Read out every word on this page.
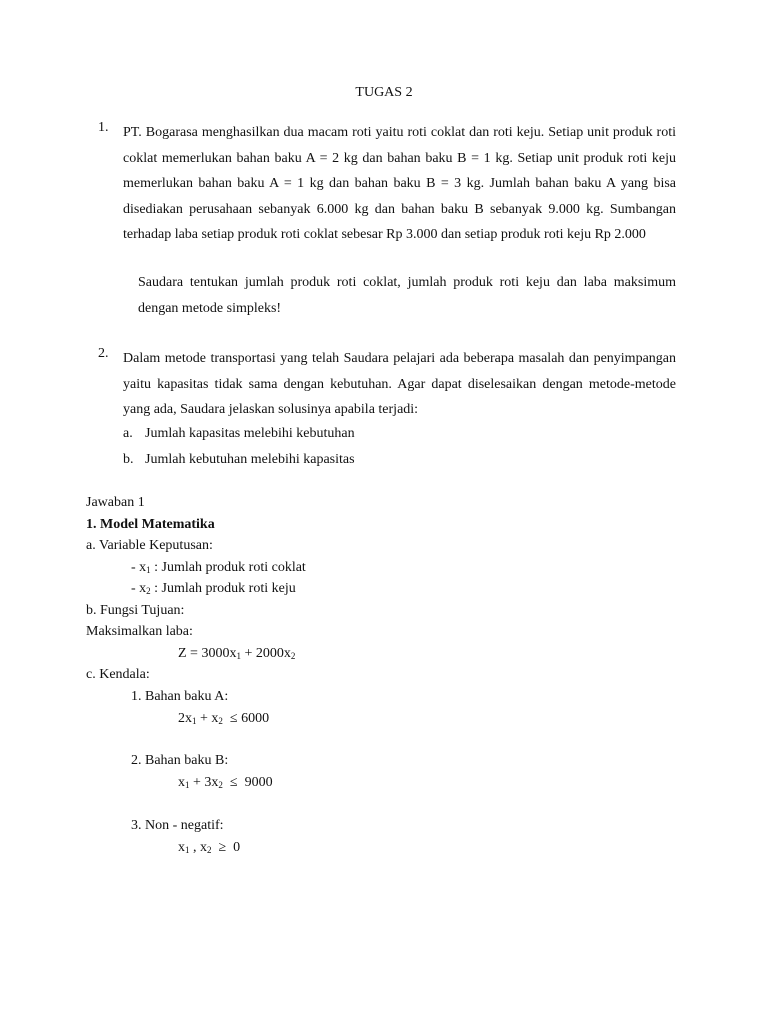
TUGAS 2
1. PT. Bogarasa menghasilkan dua macam roti yaitu roti coklat dan roti keju. Setiap unit produk roti coklat memerlukan bahan baku A = 2 kg dan bahan baku B = 1 kg. Setiap unit produk roti keju memerlukan bahan baku A = 1 kg dan bahan baku B = 3 kg. Jumlah bahan baku A yang bisa disediakan perusahaan sebanyak 6.000 kg dan bahan baku B sebanyak 9.000 kg. Sumbangan terhadap laba setiap produk roti coklat sebesar Rp 3.000 dan setiap produk roti keju Rp 2.000
Saudara tentukan jumlah produk roti coklat, jumlah produk roti keju dan laba maksimum dengan metode simpleks!
2. Dalam metode transportasi yang telah Saudara pelajari ada beberapa masalah dan penyimpangan yaitu kapasitas tidak sama dengan kebutuhan. Agar dapat diselesaikan dengan metode-metode yang ada, Saudara jelaskan solusinya apabila terjadi:
a. Jumlah kapasitas melebihi kebutuhan
b. Jumlah kebutuhan melebihi kapasitas
Jawaban 1
1. Model Matematika
a. Variable Keputusan:
- $x_1$ : Jumlah produk roti coklat
- $x_2$ : Jumlah produk roti keju
b. Fungsi Tujuan:
Maksimalkan laba:
$Z = 3000x_1 + 2000x_2$
c. Kendala:
1. Bahan baku A:
$2x_1 + x_2 \le 6000$
2. Bahan baku B:
$x_1 + 3x_2 \le 9000$
3. Non - negatif:
$x_1$ , $x_2 \ge 0$
